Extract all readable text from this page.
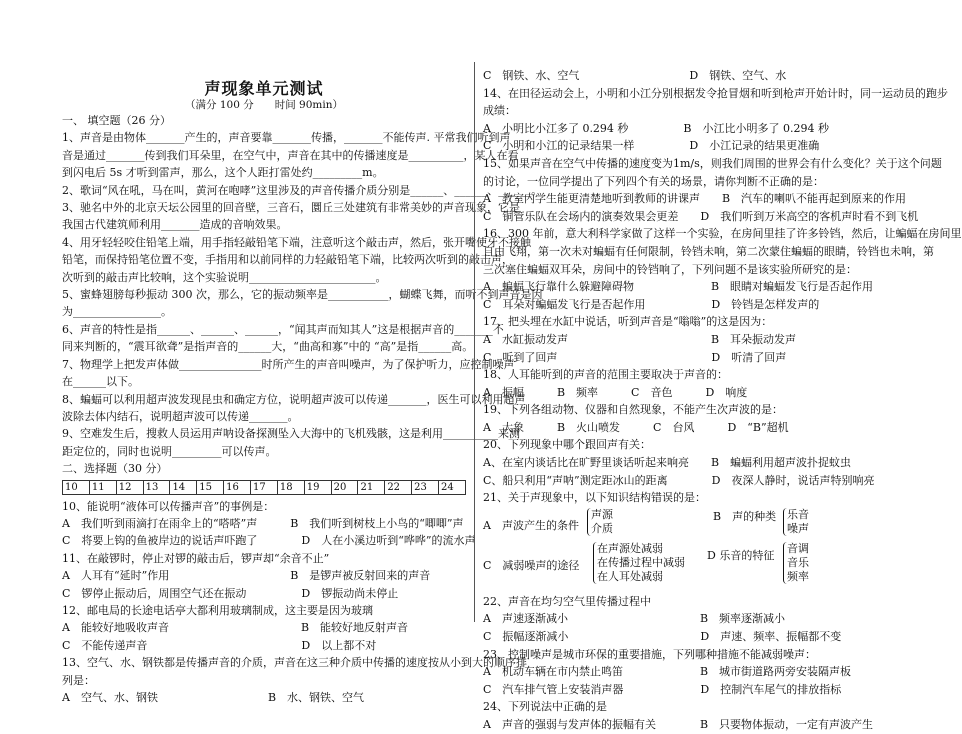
声现象单元测试
（满分 100 分　　时间 90min）
一、 填空题（26 分）
1、声音是由物体_______产生的，声音要靠_______传播，_______不能传声. 平常我们听到声
音是通过_______传到我们耳朵里，在空气中，声音在其中的传播速度是__________，某人在看
到闪电后 5s 才听到雷声，那么，这个人距打雷处约_________m。
2、歌词“风在吼，马在叫，黄河在咆哮”这里涉及的声音传播介质分别是______、______、______。
3、驰名中外的北京天坛公园里的回音壁，三音石，圜丘三处建筑有非常美妙的声音现象，它是
我国古代建筑师利用_______造成的音响效果。
4、用牙轻轻咬住铅笔上端，用手指轻敲铅笔下端，注意听这个敲击声，然后，张开嘴使牙不接触
铅笔，而保持铅笔位置不变，手指用和以前同样的力轻敲铅笔下端，比较两次听到的敲击声，
次听到的敲击声比较响，这个实验说明_______________________。
5、蜜蜂翅膀每秒振动 300 次，那么，它的振动频率是___________，蝴蝶飞舞，而听不到声音是因
为________________。
6、声音的特性是指______、______、______，“闻其声而知其人”这是根据声音的_______不
同来判断的，“震耳欲聋”是指声音的______大，“曲高和寡”中的 “高”是指______高。
7、物理学上把发声体做_______________时所产生的声音叫噪声，为了保护听力，应控制噪声
在______以下。
8、蝙蝠可以利用超声波发现昆虫和确定方位，说明超声波可以传递_______，医生可以利用超声
波除去体内结石，说明超声波可以传递_______。
9、空难发生后，搜救人员运用声呐设备探测坠入大海中的飞机残骸，这是利用__________来测
距定位的，同时也说明_________可以传声。
二、选择题（30 分）
10	11	12	13	14	15	16	17	18	19	20	21	22	23	24
10、能说明“液体可以传播声音”的事例是：
A　我们听到雨滴打在雨伞上的“嗒嗒”声　　　B　我们听到树枝上小鸟的“唧唧”声
C　将要上钩的鱼被岸边的说话声吓跑了　　　　D　人在小溪边听到“哗哗”的流水声
11、在敲锣时，停止对锣的敲击后，锣声却“余音不止”
A　人耳有“延时”作用　　　　　　　　　　　B　是锣声被反射回来的声音
C　锣停止振动后，周围空气还在振动　　　　　D　锣振动尚未停止
12、邮电局的长途电话亭大都利用玻璃制成，这主要是因为玻璃
A　能较好地吸收声音　　　　　　　　　　　　B　能较好地反射声音
C　不能传递声音　　　　　　　　　　　　　　D　以上都不对
13、空气、水、钢铁都是传播声音的介质，声音在这三种介质中传播的速度按从小到大的顺序排
列是：
A　空气、水、钢铁　　　　　　　　　　B　水、钢铁、空气
C　钢铁、水、空气　　　　　　　　　　D　钢铁、空气、水
14、在田径运动会上，小明和小江分别根据发令抢冒烟和听到枪声开始计时，同一运动员的跑步
成绩：
A　小明比小江多了 0.294 秒　　　　　B　小江比小明多了 0.294 秒
C　小明和小江的记录结果一样　　　　　D　小江记录的结果更准确
15、如果声音在空气中传播的速度变为1m/s，则我们周围的世界会有什么变化？关于这个问题
的讨论，一位同学提出了下列四个有关的场景，请你判断不正确的是：
A　教室内学生能更清楚地听到教师的讲课声　　B　汽车的喇叭不能再起到原来的作用
C　铜管乐队在会场内的演奏效果会更差　　D　我们听到万米高空的客机声时看不到飞机
16、300 年前，意大利科学家做了这样一个实验，在房间里挂了许多铃铛，然后，让蝙蝠在房间里
自由飞翔，第一次未对蝙蝠有任何限制，铃铛未响，第二次蒙住蝙蝠的眼睛，铃铛也未响，第
三次塞住蝙蝠双耳朵，房间中的铃铛响了，下列问题不是该实验所研究的是：
A　蝙蝠飞行靠什么躲避障碍物　　　　　　　B　眼睛对蝙蝠发飞行是否起作用
C　耳朵对蝙蝠发飞行是否起作用　　　　　　D　铃铛是怎样发声的
17、把头埋在水缸中说话，听到声音是“嗡嗡”的这是因为：
A　水缸振动发声　　　　　　　　　　　　　B　耳朵振动发声
C　听到了回声　　　　　　　　　　　　　　D　听清了回声
18、人耳能听到的声音的范围主要取决于声音的：
A　振幅　　　B　频率　　　C　音色　　　D　响度
19、下列各组动物、仪器和自然现象，不能产生次声波的是：
A　大象　　　B　火山喷发　　　C　台风　　　D　“B”超机
20、下列现象中哪个跟回声有关：
A、在室内谈话比在旷野里谈话听起来响亮　　B　蝙蝠利用超声波扑捉蚊虫
C、船只利用“声呐”测定距冰山的距离　　　　D　夜深人静时，说话声特别响亮
21、关于声现象中，以下知识结构错误的是：
A　声波产生的条件
声源
介质
B　声的种类 乐音
噪声
C　减弱噪声的途径
在声源处减弱
在传播过程中减弱
在人耳处减弱
D 乐音的特征
音调
音乐
频率
22、声音在均匀空气里传播过程中
A　声速逐渐减小　　　　　　　　　　　　B　频率逐渐减小
C　振幅逐渐减小　　　　　　　　　　　　D　声速、频率、振幅都不变
23、控制噪声是城市环保的重要措施，下列哪种措施不能减弱噪声：
A　机动车辆在市内禁止鸣笛　　　　　　　B　城市街道路两旁安装隔声板
C　汽车排气管上安装消声器　　　　　　　D　控制汽车尾气的排放指标
24、下列说法中正确的是
A　声音的强弱与发声体的振幅有关　　　　B　只要物体振动，一定有声波产生
